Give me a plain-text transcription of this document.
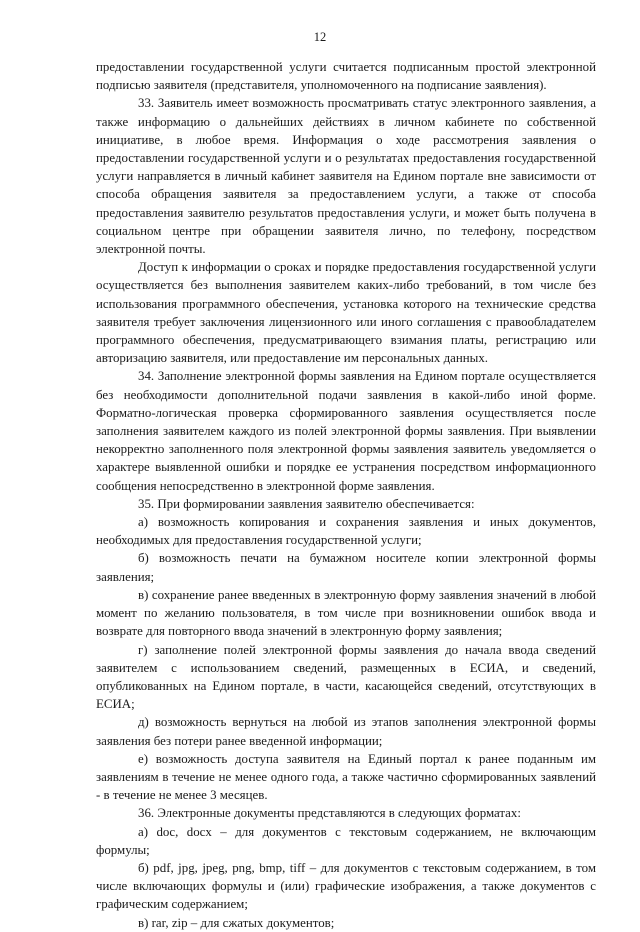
12

предоставлении государственной услуги считается подписанным простой электронной подписью заявителя (представителя, уполномоченного на подписание заявления).

33. Заявитель имеет возможность просматривать статус электронного заявления, а также информацию о дальнейших действиях в личном кабинете по собственной инициативе, в любое время. Информация о ходе рассмотрения заявления о предоставлении государственной услуги и о результатах предоставления государственной услуги направляется в личный кабинет заявителя на Едином портале вне зависимости от способа обращения заявителя за предоставлением услуги, а также от способа предоставления заявителю результатов предоставления услуги, и может быть получена в социальном центре при обращении заявителя лично, по телефону, посредством электронной почты.

Доступ к информации о сроках и порядке предоставления государственной услуги осуществляется без выполнения заявителем каких-либо требований, в том числе без использования программного обеспечения, установка которого на технические средства заявителя требует заключения лицензионного или иного соглашения с правообладателем программного обеспечения, предусматривающего взимания платы, регистрацию или авторизацию заявителя, или предоставление им персональных данных.

34. Заполнение электронной формы заявления на Едином портале осуществляется без необходимости дополнительной подачи заявления в какой-либо иной форме. Форматно-логическая проверка сформированного заявления осуществляется после заполнения заявителем каждого из полей электронной формы заявления. При выявлении некорректно заполненного поля электронной формы заявления заявитель уведомляется о характере выявленной ошибки и порядке ее устранения посредством информационного сообщения непосредственно в электронной форме заявления.

35. При формировании заявления заявителю обеспечивается:

а) возможность копирования и сохранения заявления и иных документов, необходимых для предоставления государственной услуги;

б) возможность печати на бумажном носителе копии электронной формы заявления;

в) сохранение ранее введенных в электронную форму заявления значений в любой момент по желанию пользователя, в том числе при возникновении ошибок ввода и возврате для повторного ввода значений в электронную форму заявления;

г) заполнение полей электронной формы заявления до начала ввода сведений заявителем с использованием сведений, размещенных в ЕСИА, и сведений, опубликованных на Едином портале, в части, касающейся сведений, отсутствующих в ЕСИА;

д) возможность вернуться на любой из этапов заполнения электронной формы заявления без потери ранее введенной информации;

е) возможность доступа заявителя на Единый портал к ранее поданным им заявлениям в течение не менее одного года, а также частично сформированных заявлений - в течение не менее 3 месяцев.

36. Электронные документы представляются в следующих форматах:

а) doc, docx – для документов с текстовым содержанием, не включающим формулы;

б) pdf, jpg, jpeg, png, bmp, tiff – для документов с текстовым содержанием, в том числе включающих формулы и (или) графические изображения, а также документов с графическим содержанием;

в) rar, zip – для сжатых документов;
